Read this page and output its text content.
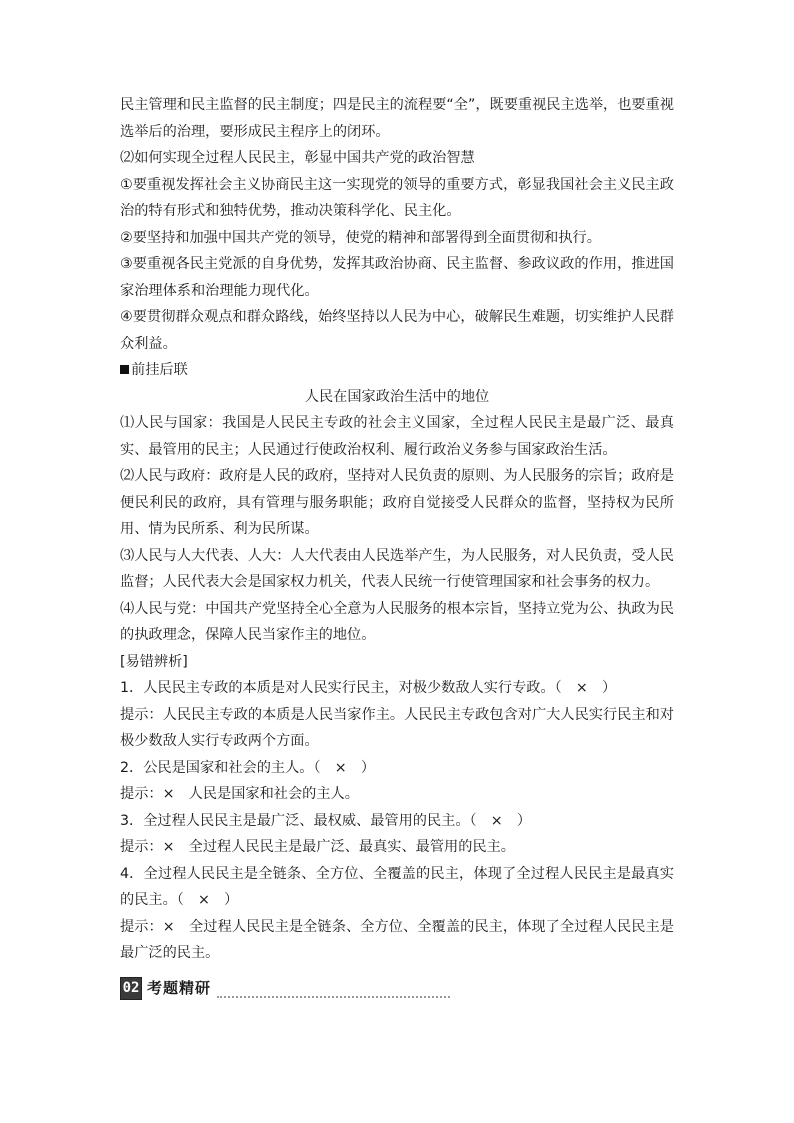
民主管理和民主监督的民主制度；四是民主的流程要“全”，既要重视民主选举，也要重视选举后的治理，要形成民主程序上的闭环。

⑵如何实现全过程人民民主，彰显中国共产党的政治智慧

①要重视发挥社会主义协商民主这一实现党的领导的重要方式，彰显我国社会主义民主政治的特有形式和独特优势，推动决策科学化、民主化。

②要坚持和加强中国共产党的领导，使党的精神和部署得到全面贯彻和执行。

③要重视各民主党派的自身优势，发挥其政治协商、民主监督、参政议政的作用，推进国家治理体系和治理能力现代化。

④要贯彻群众观点和群众路线，始终坚持以人民为中心，破解民生难题，切实维护人民群众利益。

前挂后联

人民在国家政治生活中的地位

⑴人民与国家：我国是人民民主专政的社会主义国家，全过程人民民主是最广泛、最真实、最管用的民主；人民通过行使政治权利、履行政治义务参与国家政治生活。

⑵人民与政府：政府是人民的政府，坚持对人民负责的原则、为人民服务的宗旨；政府是便民利民的政府，具有管理与服务职能；政府自觉接受人民群众的监督，坚持权为民所用、情为民所系、利为民所谋。

⑶人民与人大代表、人大：人大代表由人民选举产生，为人民服务，对人民负责，受人民监督；人民代表大会是国家权力机关，代表人民统一行使管理国家和社会事务的权力。

⑷人民与党：中国共产党坚持全心全意为人民服务的根本宗旨，坚持立党为公、执政为民的执政理念，保障人民当家作主的地位。

[易错辨析]

1．人民民主专政的本质是对人民实行民主，对极少数敌人实行专政。（　×　）

提示：人民民主专政的本质是人民当家作主。人民民主专政包含对广大人民实行民主和对极少数敌人实行专政两个方面。

2．公民是国家和社会的主人。（　×　）

提示：×　人民是国家和社会的主人。

3．全过程人民民主是最广泛、最权威、最管用的民主。（　×　）

提示：×　全过程人民民主是最广泛、最真实、最管用的民主。

4．全过程人民民主是全链条、全方位、全覆盖的民主，体现了全过程人民民主是最真实的民主。（　×　）

提示：×　全过程人民民主是全链条、全方位、全覆盖的民主，体现了全过程人民民主是最广泛的民主。

02 考题精研
